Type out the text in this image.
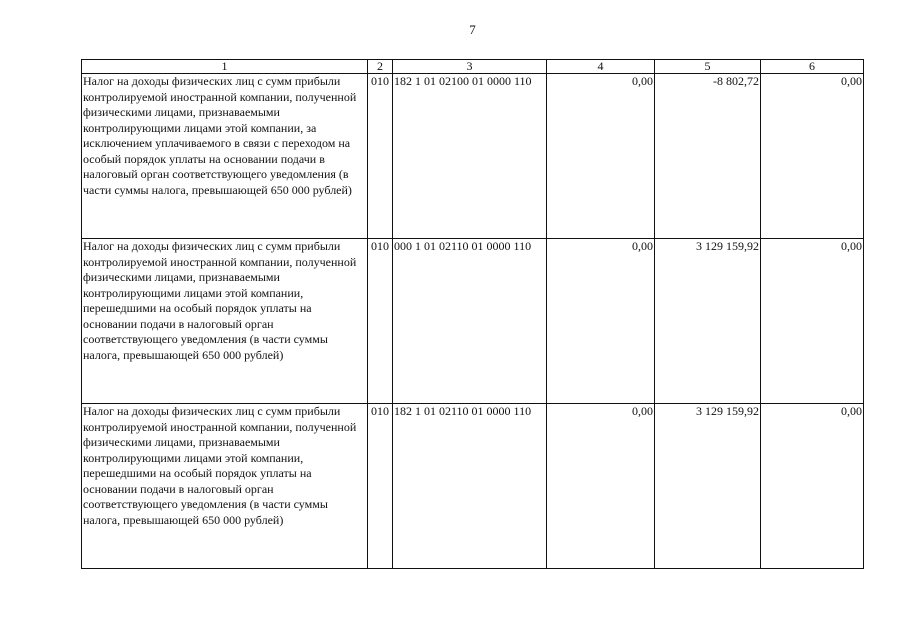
7
1	2	3	4	5	6
Налог на доходы физических лиц с сумм прибыли контролируемой иностранной компании, полученной физическими лицами, признаваемыми контролирующими лицами этой компании, за исключением уплачиваемого в связи с переходом на особый порядок уплаты на основании подачи в налоговый орган соответствующего уведомления (в части суммы налога, превышающей 650 000 рублей)	010	182 1 01 02100 01 0000 110	0,00	-8 802,72	0,00
Налог на доходы физических лиц с сумм прибыли контролируемой иностранной компании, полученной физическими лицами, признаваемыми контролирующими лицами этой компании, перешедшими на особый порядок уплаты на основании подачи в налоговый орган соответствующего уведомления (в части суммы налога, превышающей 650 000 рублей)	010	000 1 01 02110 01 0000 110	0,00	3 129 159,92	0,00
Налог на доходы физических лиц с сумм прибыли контролируемой иностранной компании, полученной физическими лицами, признаваемыми контролирующими лицами этой компании, перешедшими на особый порядок уплаты на основании подачи в налоговый орган соответствующего уведомления (в части суммы налога, превышающей 650 000 рублей)	010	182 1 01 02110 01 0000 110	0,00	3 129 159,92	0,00
